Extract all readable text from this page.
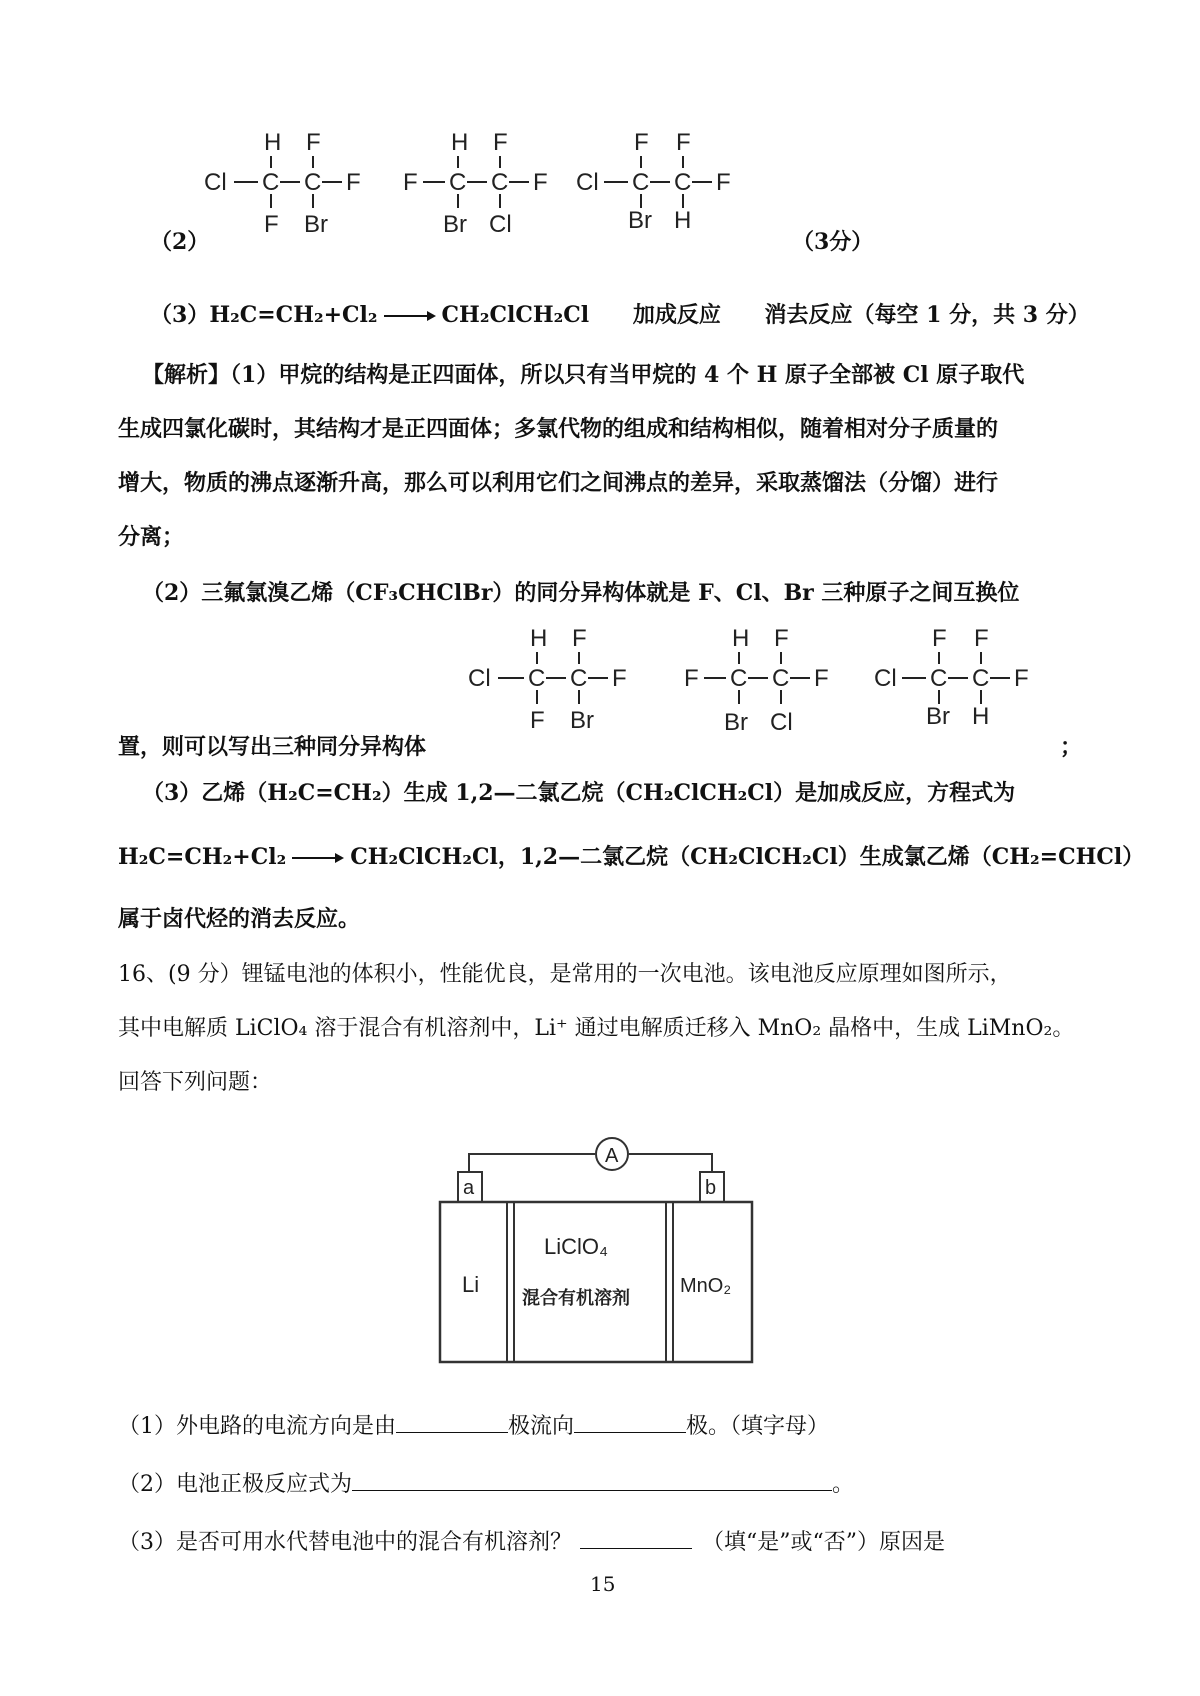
（2）	（3分）
H F
Cl C C F
F Br
H F
F C C F
Br Cl
F F
Cl C C F
Br H
（3）H₂C=CH₂+Cl₂	CH₂ClCH₂Cl 加成反应 消去反应（每空 1 分，共 3 分）
【解析】（1）甲烷的结构是正四面体，所以只有当甲烷的 4 个 H 原子全部被 Cl 原子取代
生成四氯化碳时，其结构才是正四面体；多氯代物的组成和结构相似，随着相对分子质量的
增大，物质的沸点逐渐升高，那么可以利用它们之间沸点的差异，采取蒸馏法（分馏）进行
分离；
（2）三氟氯溴乙烯（CF₃CHClBr）的同分异构体就是 F、Cl、Br 三种原子之间互换位
H F
Cl C C F
F Br
H F
F C C F
Br Cl
F F
Cl C C F
Br H
置，则可以写出三种同分异构体	；
（3）乙烯（H₂C=CH₂）生成 1,2—二氯乙烷（CH₂ClCH₂Cl）是加成反应，方程式为
H₂C=CH₂+Cl₂	CH₂ClCH₂Cl，1,2—二氯乙烷（CH₂ClCH₂Cl）生成氯乙烯（CH₂=CHCl）
属于卤代烃的消去反应。
16、(9 分）锂锰电池的体积小，性能优良，是常用的一次电池。该电池反应原理如图所示，
其中电解质 LiClO₄ 溶于混合有机溶剂中，Li⁺ 通过电解质迁移入 MnO₂ 晶格中，生成 LiMnO₂。
回答下列问题：
A
a	b
Li
LiClO₄
混合有机溶剂
MnO₂
（1）外电路的电流方向是由	极流向	极。（填字母）
（2）电池正极反应式为	。
（3）是否可用水代替电池中的混合有机溶剂？	（填“是”或“否”）原因是
15
